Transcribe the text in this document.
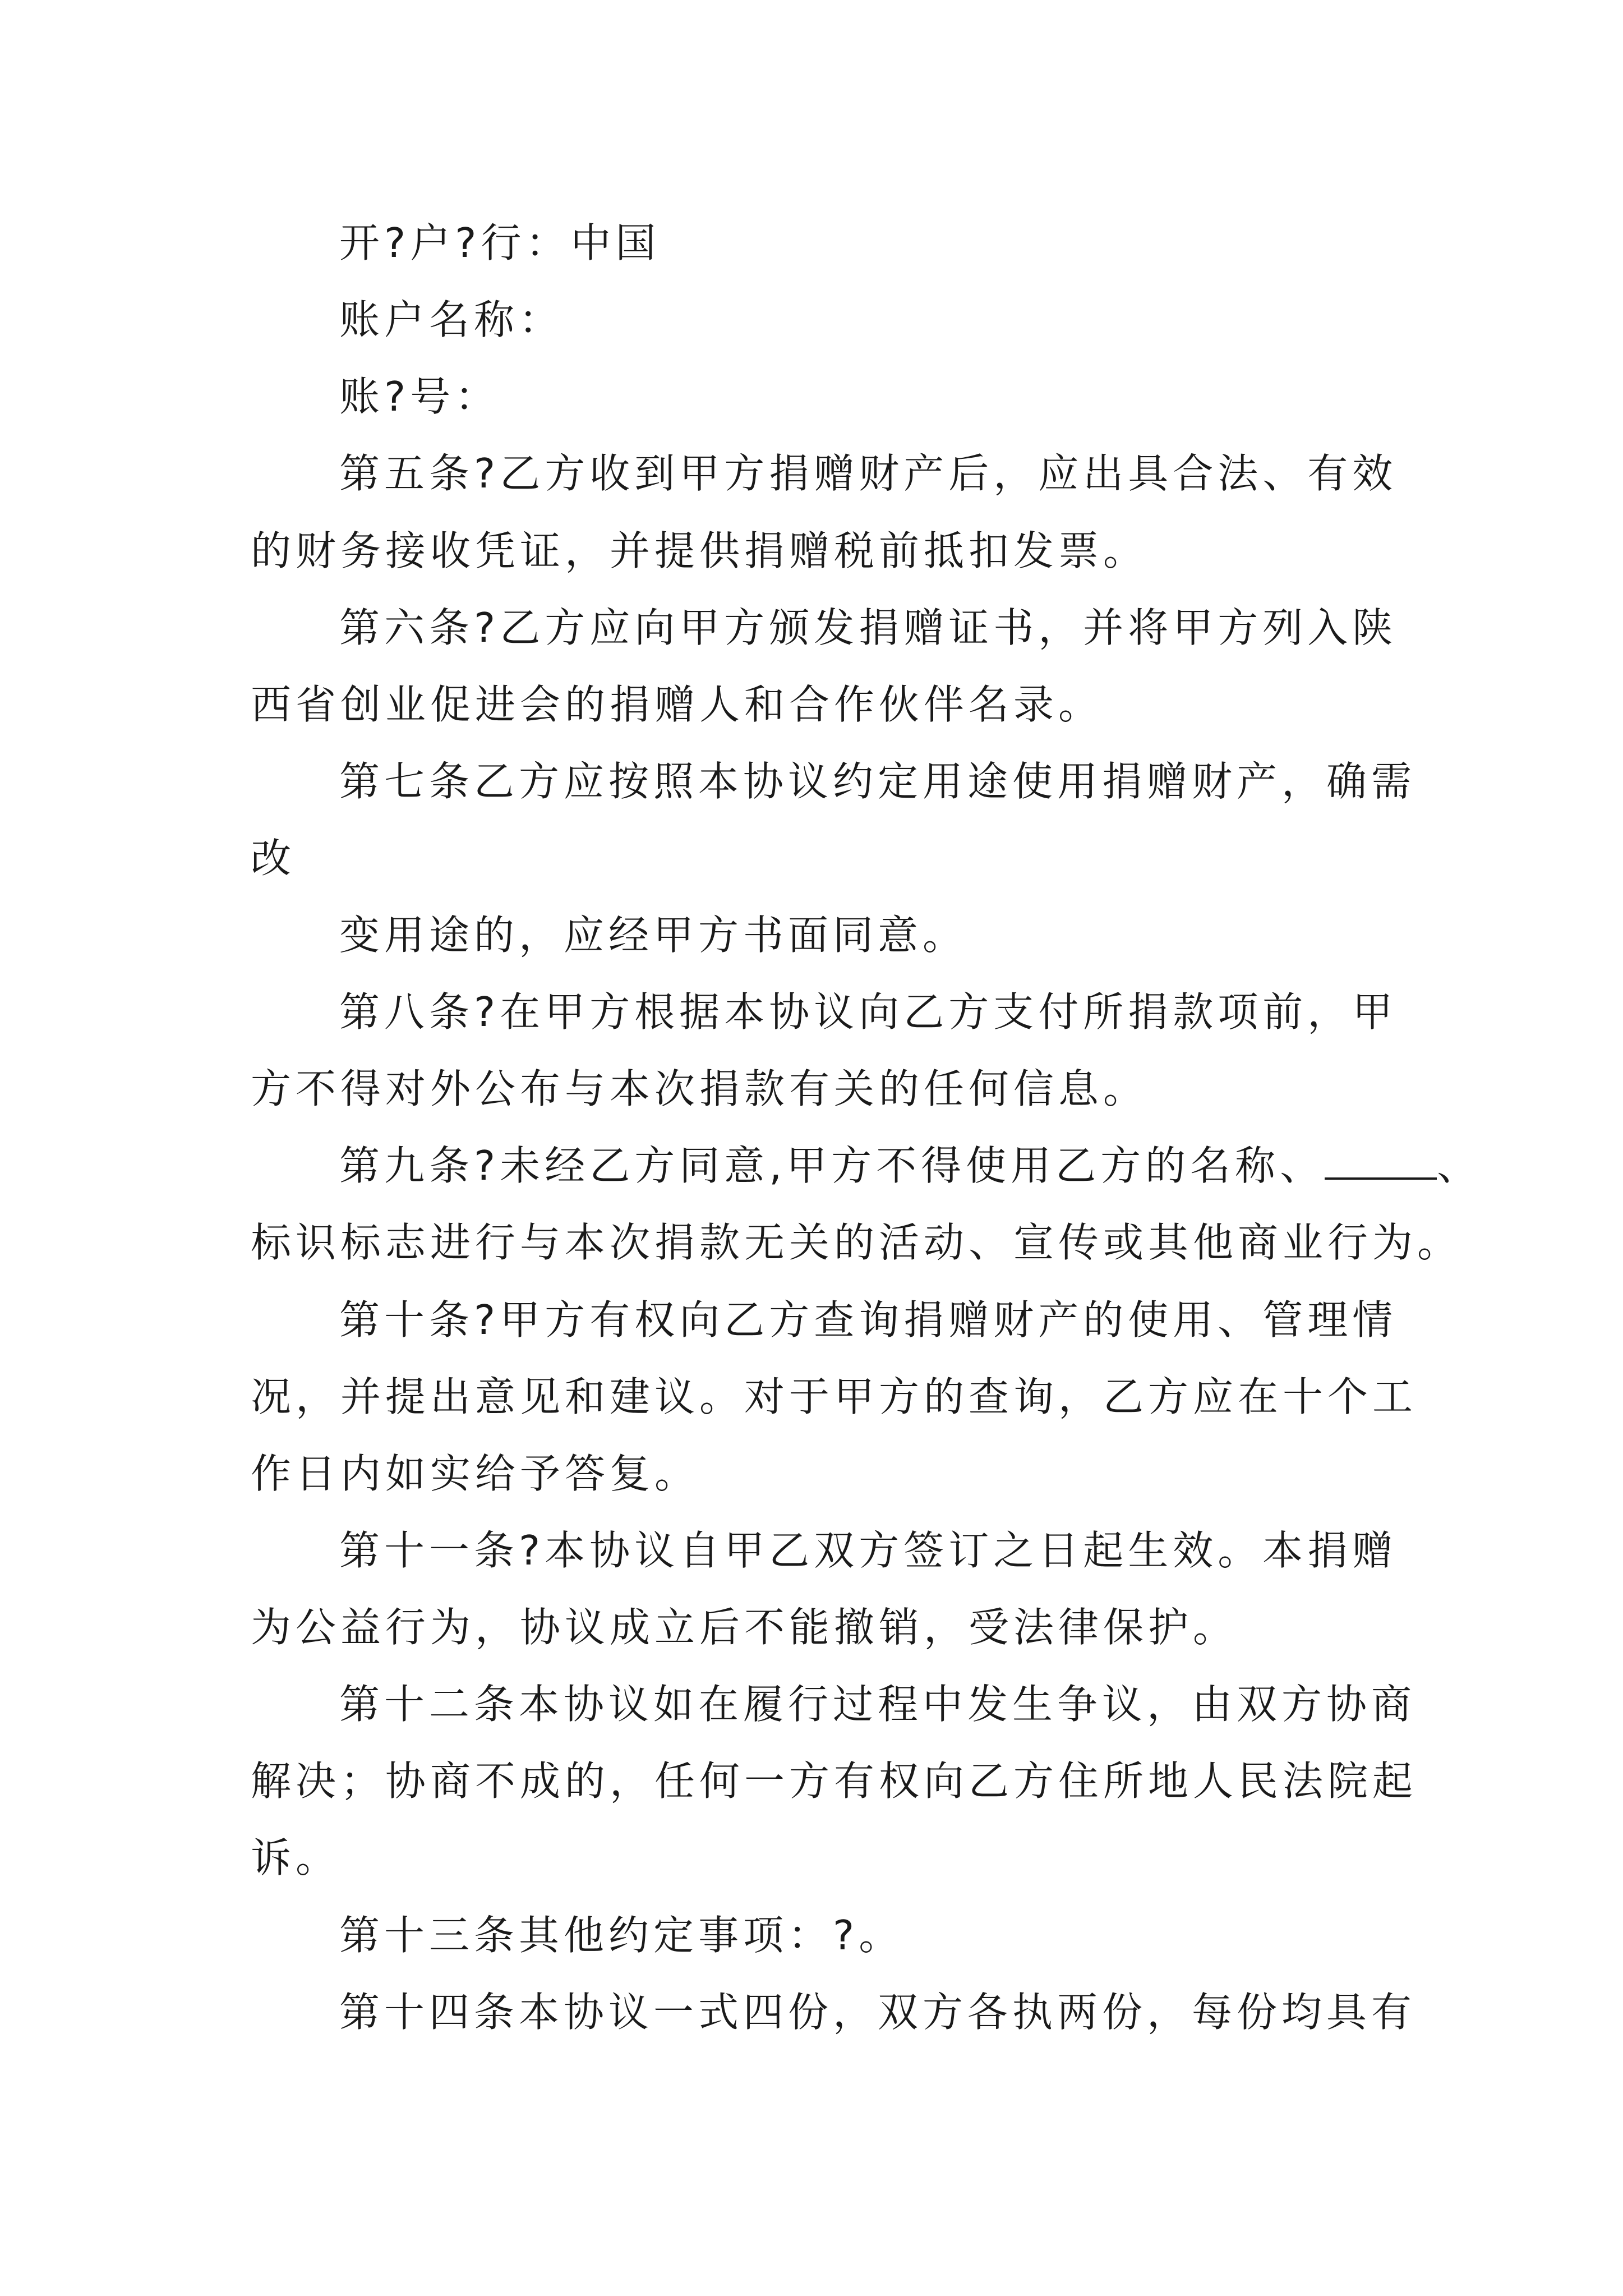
开?户?行：中国
账户名称：
账?号：
第五条?乙方收到甲方捐赠财产后，应出具合法、有效
的财务接收凭证，并提供捐赠税前抵扣发票。
第六条?乙方应向甲方颁发捐赠证书，并将甲方列入陕
西省创业促进会的捐赠人和合作伙伴名录。
第七条乙方应按照本协议约定用途使用捐赠财产，确需
改
变用途的，应经甲方书面同意。
第八条?在甲方根据本协议向乙方支付所捐款项前，甲
方不得对外公布与本次捐款有关的任何信息。
第九条?未经乙方同意,甲方不得使用乙方的名称、	、
标识标志进行与本次捐款无关的活动、宣传或其他商业行为。
第十条?甲方有权向乙方查询捐赠财产的使用、管理情
况，并提出意见和建议。对于甲方的查询，乙方应在十个工
作日内如实给予答复。
第十一条?本协议自甲乙双方签订之日起生效。本捐赠
为公益行为，协议成立后不能撤销，受法律保护。
第十二条本协议如在履行过程中发生争议，由双方协商
解决；协商不成的，任何一方有权向乙方住所地人民法院起
诉。
第十三条其他约定事项：?。
第十四条本协议一式四份，双方各执两份，每份均具有
